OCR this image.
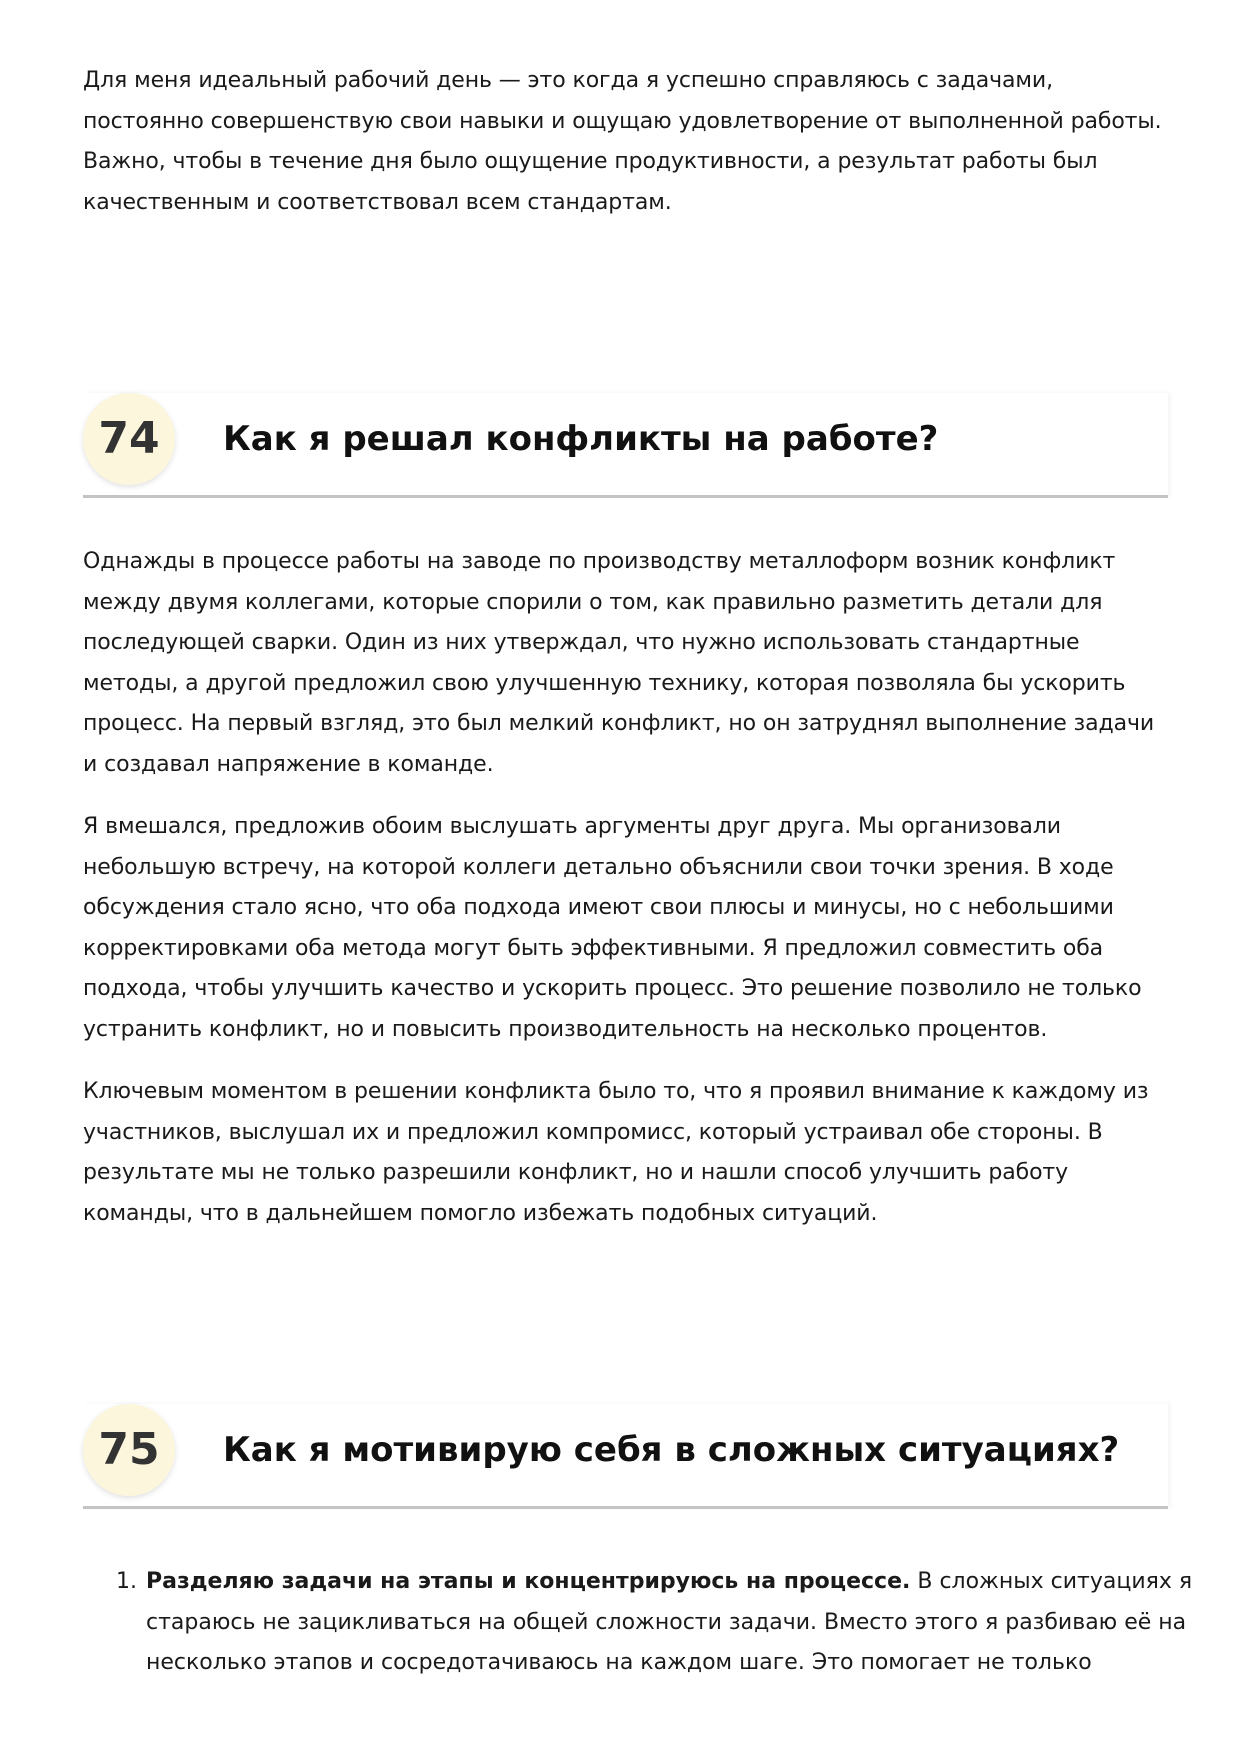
Для меня идеальный рабочий день — это когда я успешно справляюсь с задачами, постоянно совершенствую свои навыки и ощущаю удовлетворение от выполненной работы. Важно, чтобы в течение дня было ощущение продуктивности, а результат работы был качественным и соответствовал всем стандартам.

74	Как я решал конфликты на работе?

Однажды в процессе работы на заводе по производству металлоформ возник конфликт между двумя коллегами, которые спорили о том, как правильно разметить детали для последующей сварки. Один из них утверждал, что нужно использовать стандартные методы, а другой предложил свою улучшенную технику, которая позволяла бы ускорить процесс. На первый взгляд, это был мелкий конфликт, но он затруднял выполнение задачи и создавал напряжение в команде.

Я вмешался, предложив обоим выслушать аргументы друг друга. Мы организовали небольшую встречу, на которой коллеги детально объяснили свои точки зрения. В ходе обсуждения стало ясно, что оба подхода имеют свои плюсы и минусы, но с небольшими корректировками оба метода могут быть эффективными. Я предложил совместить оба подхода, чтобы улучшить качество и ускорить процесс. Это решение позволило не только устранить конфликт, но и повысить производительность на несколько процентов.

Ключевым моментом в решении конфликта было то, что я проявил внимание к каждому из участников, выслушал их и предложил компромисс, который устраивал обе стороны. В результате мы не только разрешили конфликт, но и нашли способ улучшить работу команды, что в дальнейшем помогло избежать подобных ситуаций.

75	Как я мотивирую себя в сложных ситуациях?
1. Разделяю задачи на этапы и концентрируюсь на процессе. В сложных ситуациях я стараюсь не зацикливаться на общей сложности задачи. Вместо этого я разбиваю её на несколько этапов и сосредотачиваюсь на каждом шаге. Это помогает не только
